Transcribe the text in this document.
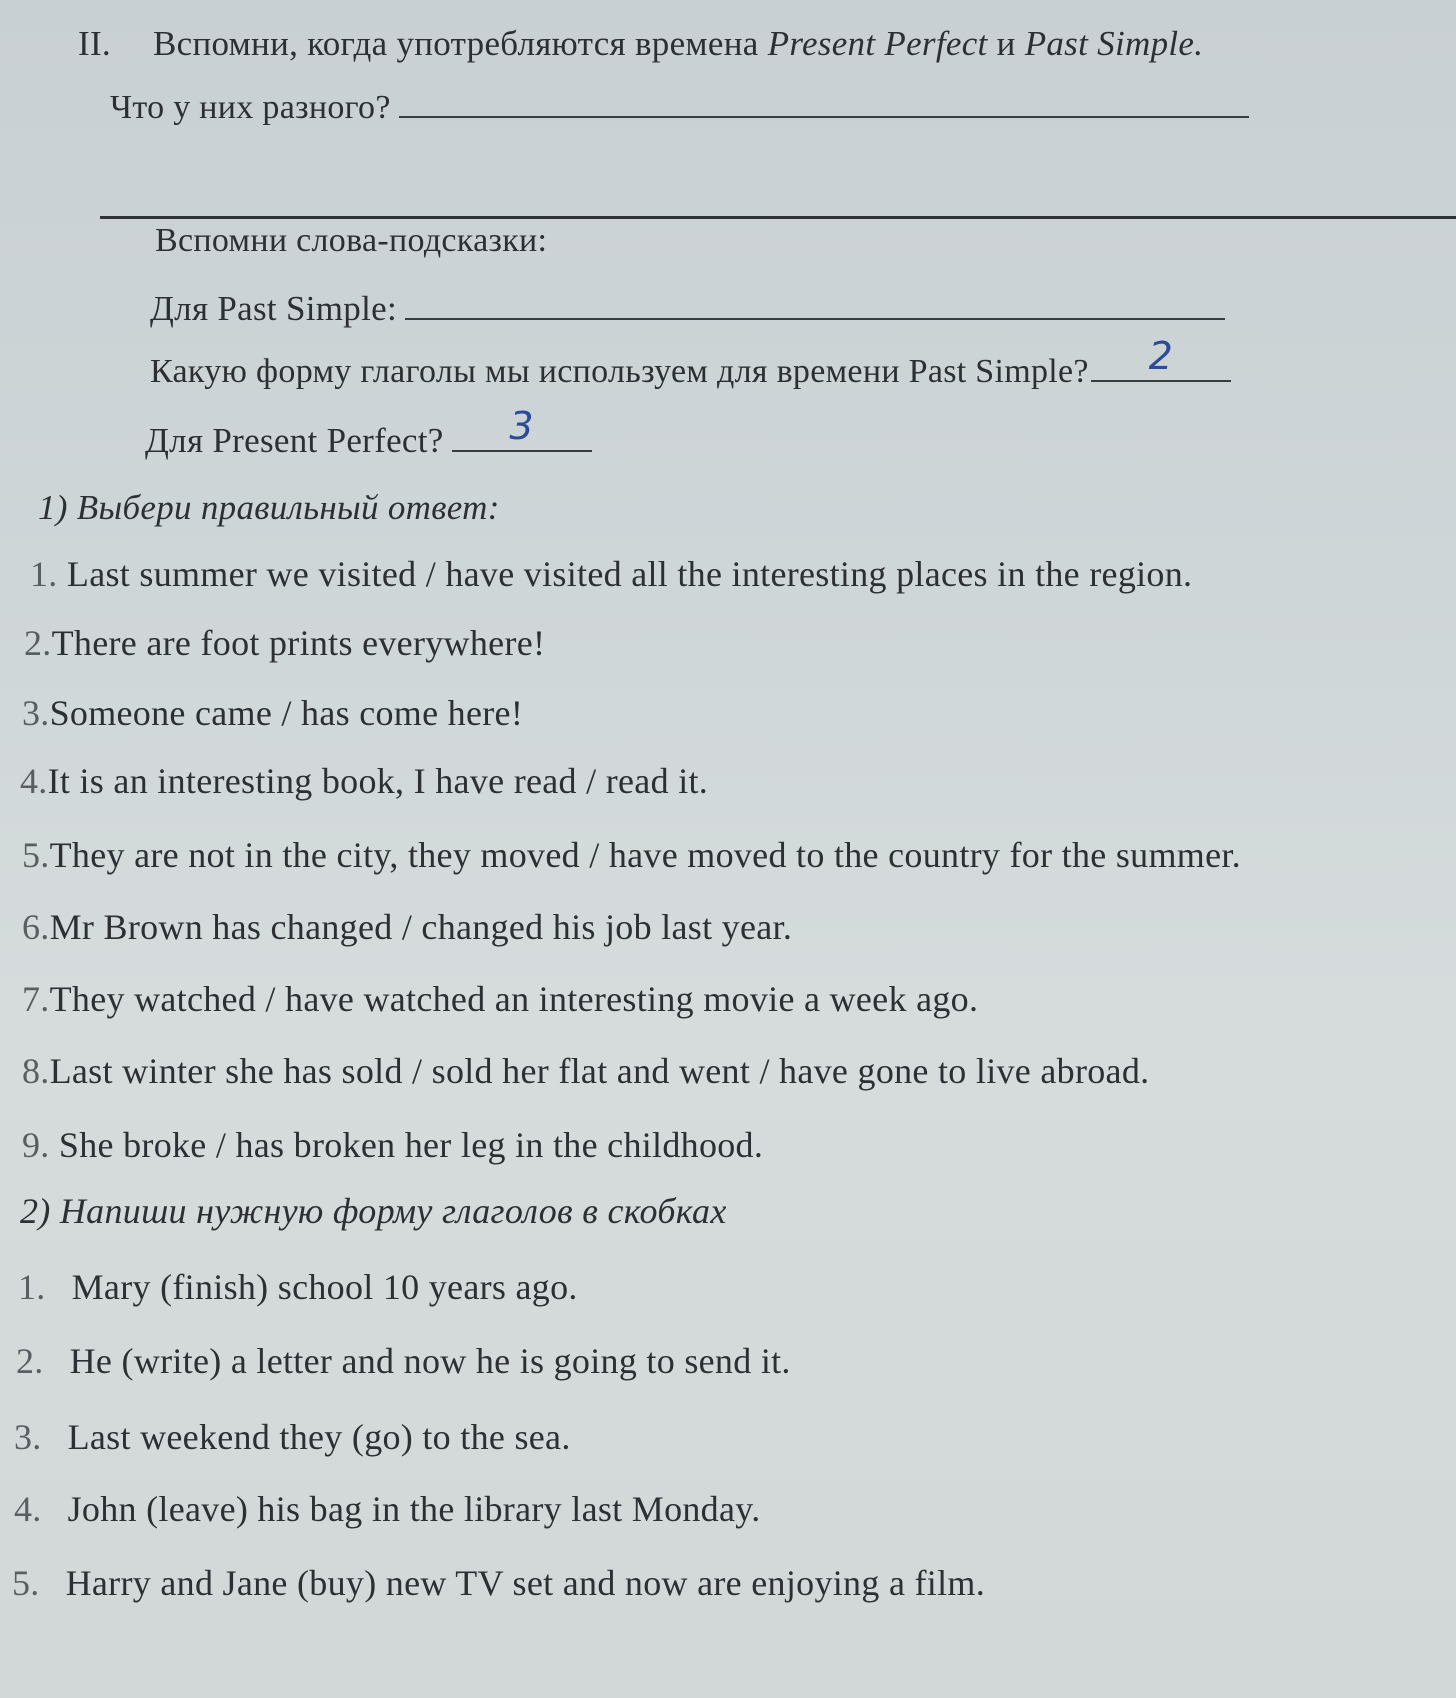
II. Вспомни, когда употребляются времена Present Perfect и Past Simple.
Что у них разного?
Вспомни слова-подсказки:
Для Past Simple:
Какую форму глаголы мы используем для времени Past Simple? 2
Для Present Perfect? 3
1) Выбери правильный ответ:
1. Last summer we visited / have visited all the interesting places in the region.
2.There are foot prints everywhere!
3.Someone came / has come here!
4.It is an interesting book, I have read / read it.
5.They are not in the city, they moved / have moved to the country for the summer.
6.Mr Brown has changed / changed his job last year.
7.They watched / have watched an interesting movie a week ago.
8.Last winter she has sold / sold her flat and went / have gone to live abroad.
9. She broke / has broken her leg in the childhood.
2) Напиши нужную форму глаголов в скобках
1. Mary (finish) school 10 years ago.
2. He (write) a letter and now he is going to send it.
3. Last weekend they (go) to the sea.
4. John (leave) his bag in the library last Monday.
5. Harry and Jane (buy) new TV set and now are enjoying a film.
